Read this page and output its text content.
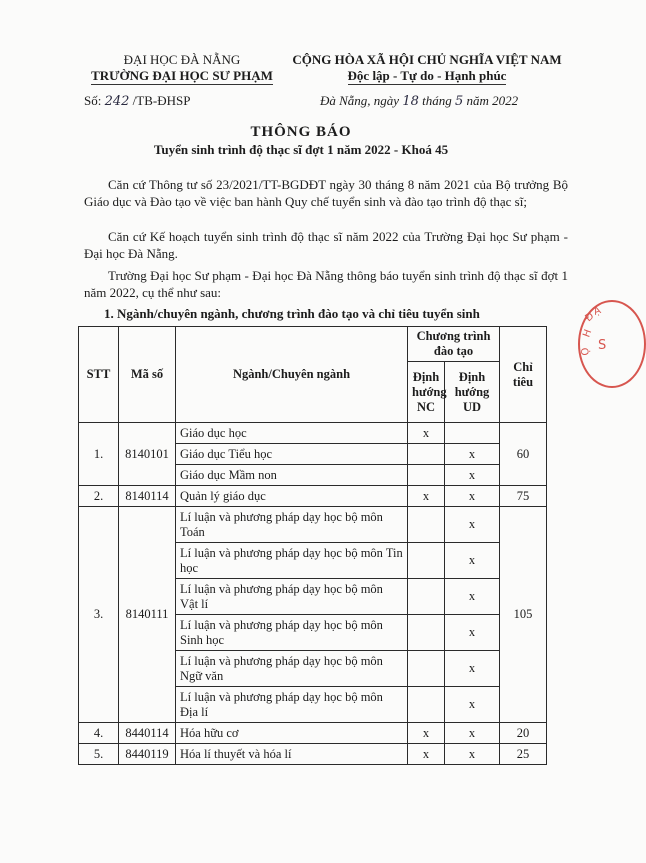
ĐẠI HỌC ĐÀ NẴNG
TRƯỜNG ĐẠI HỌC SƯ PHẠM
CỘNG HÒA XÃ HỘI CHỦ NGHĨA VIỆT NAM
Độc lập - Tự do - Hạnh phúc
Số: 242 /TB-ĐHSP	Đà Nẵng, ngày 18 tháng 5 năm 2022
THÔNG BÁO
Tuyển sinh trình độ thạc sĩ đợt 1 năm 2022 - Khoá 45
Căn cứ Thông tư số 23/2021/TT-BGDĐT ngày 30 tháng 8 năm 2021 của Bộ trưởng Bộ Giáo dục và Đào tạo về việc ban hành Quy chế tuyển sinh và đào tạo trình độ thạc sĩ;
Căn cứ Kế hoạch tuyển sinh trình độ thạc sĩ năm 2022 của Trường Đại học Sư phạm - Đại học Đà Nẵng.
Trường Đại học Sư phạm - Đại học Đà Nẵng thông báo tuyển sinh trình độ thạc sĩ đợt 1 năm 2022, cụ thể như sau:
1. Ngành/chuyên ngành, chương trình đào tạo và chỉ tiêu tuyển sinh
STT	Mã số	Ngành/Chuyên ngành	Chương trình đào tạo		Chỉ tiêu
			Định hướng NC	Định hướng UD	
1.	8140101	Giáo dục học	x		60
		Giáo dục Tiểu học		x	
		Giáo dục Mầm non		x	
2.	8140114	Quản lý giáo dục	x	x	75
3.	8140111	Lí luận và phương pháp dạy học bộ môn Toán		x	105
		Lí luận và phương pháp dạy học bộ môn Tin học		x	
		Lí luận và phương pháp dạy học bộ môn Vật lí		x	
		Lí luận và phương pháp dạy học bộ môn Sinh học		x	
		Lí luận và phương pháp dạy học bộ môn Ngữ văn		x	
		Lí luận và phương pháp dạy học bộ môn Địa lí		x	
4.	8440114	Hóa hữu cơ	x	x	20
5.	8440119	Hóa lí thuyết và hóa lí	x	x	25
Đ
Ạ
H
Ọ S
